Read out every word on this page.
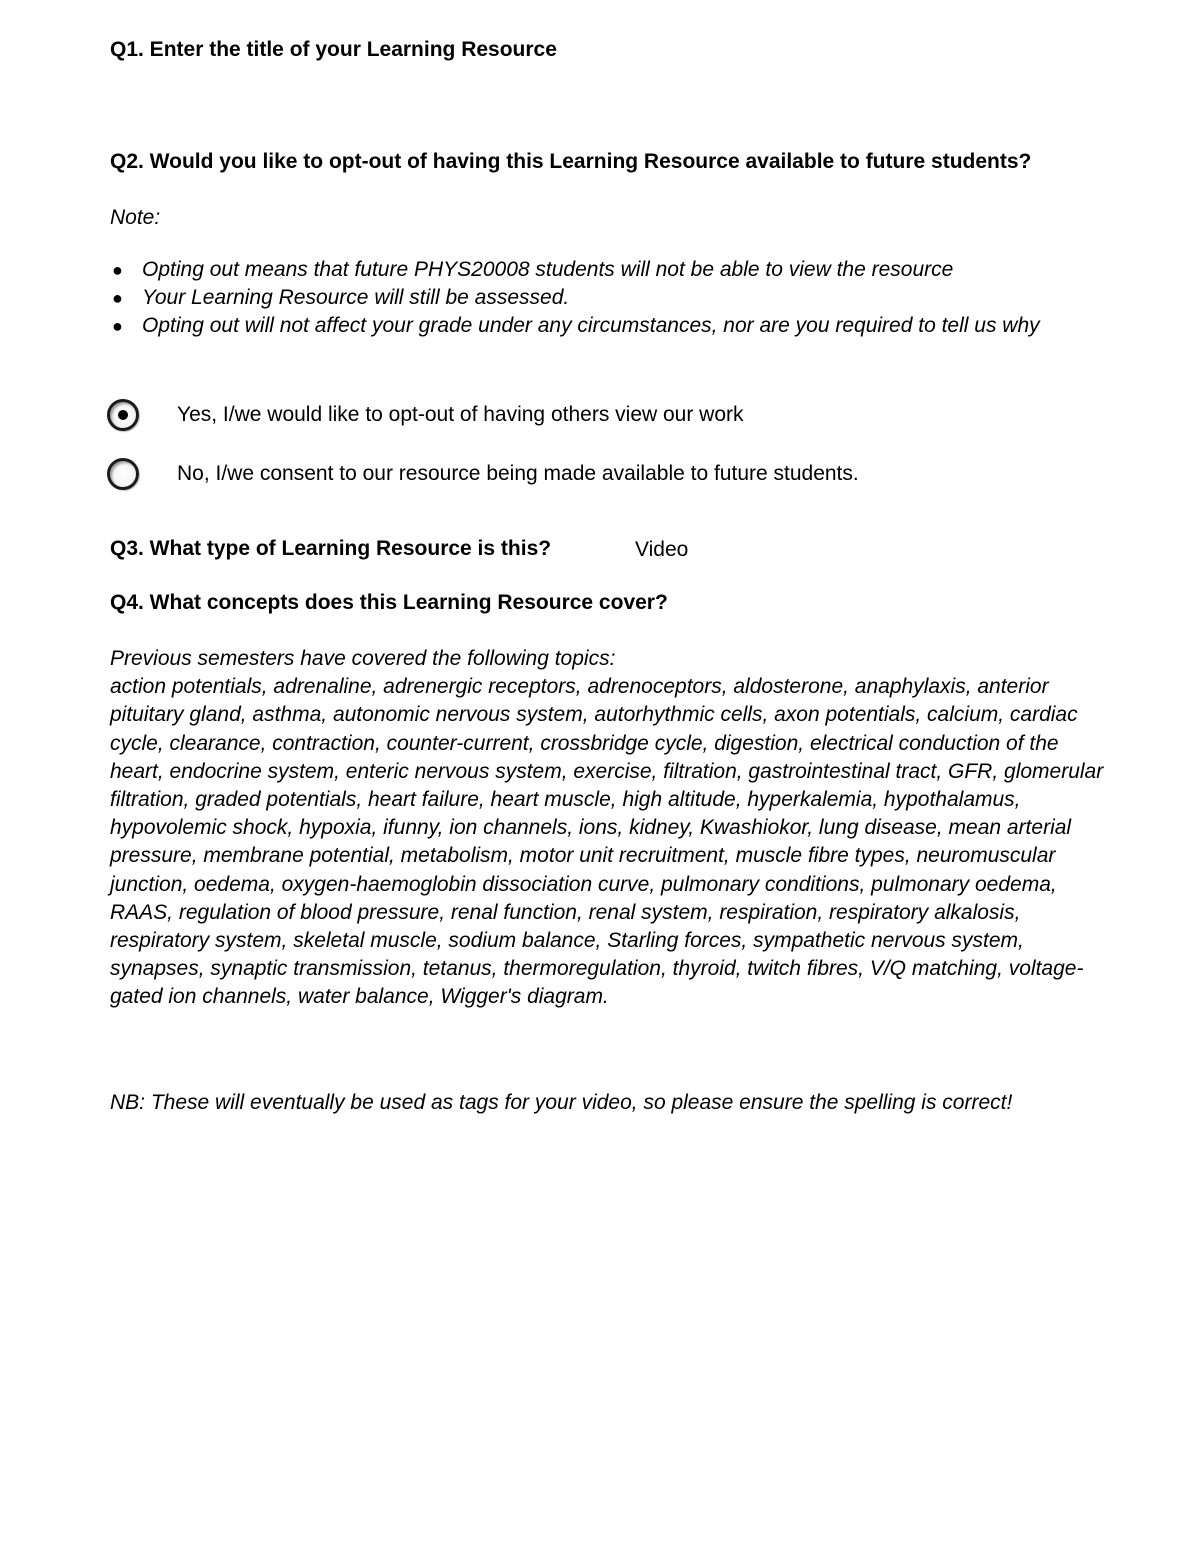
Q1. Enter the title of your Learning Resource
Q2. Would you like to opt-out of having this Learning Resource available to future students?
Note:
● Opting out means that future PHYS20008 students will not be able to view the resource
● Your Learning Resource will still be assessed.
● Opting out will not affect your grade under any circumstances, nor are you required to tell us why
Yes, I/we would like to opt-out of having others view our work
No, I/we consent to our resource being made available to future students.
Q3. What type of Learning Resource is this?	Video
Q4. What concepts does this Learning Resource cover?

Previous semesters have covered the following topics:

action potentials, adrenaline, adrenergic receptors, adrenoceptors, aldosterone, anaphylaxis, anterior pituitary gland, asthma, autonomic nervous system, autorhythmic cells, axon potentials, calcium, cardiac cycle, clearance, contraction, counter-current, crossbridge cycle, digestion, electrical conduction of the heart, endocrine system, enteric nervous system, exercise, filtration, gastrointestinal tract, GFR, glomerular filtration, graded potentials, heart failure, heart muscle, high altitude, hyperkalemia, hypothalamus, hypovolemic shock, hypoxia, ifunny, ion channels, ions, kidney, Kwashiokor, lung disease, mean arterial pressure, membrane potential, metabolism, motor unit recruitment, muscle fibre types, neuromuscular junction, oedema, oxygen-haemoglobin dissociation curve, pulmonary conditions, pulmonary oedema, RAAS, regulation of blood pressure, renal function, renal system, respiration, respiratory alkalosis, respiratory system, skeletal muscle, sodium balance, Starling forces, sympathetic nervous system, synapses, synaptic transmission, tetanus, thermoregulation, thyroid, twitch fibres, V/Q matching, voltage-gated ion channels, water balance, Wigger's diagram.

NB: These will eventually be used as tags for your video, so please ensure the spelling is correct!
